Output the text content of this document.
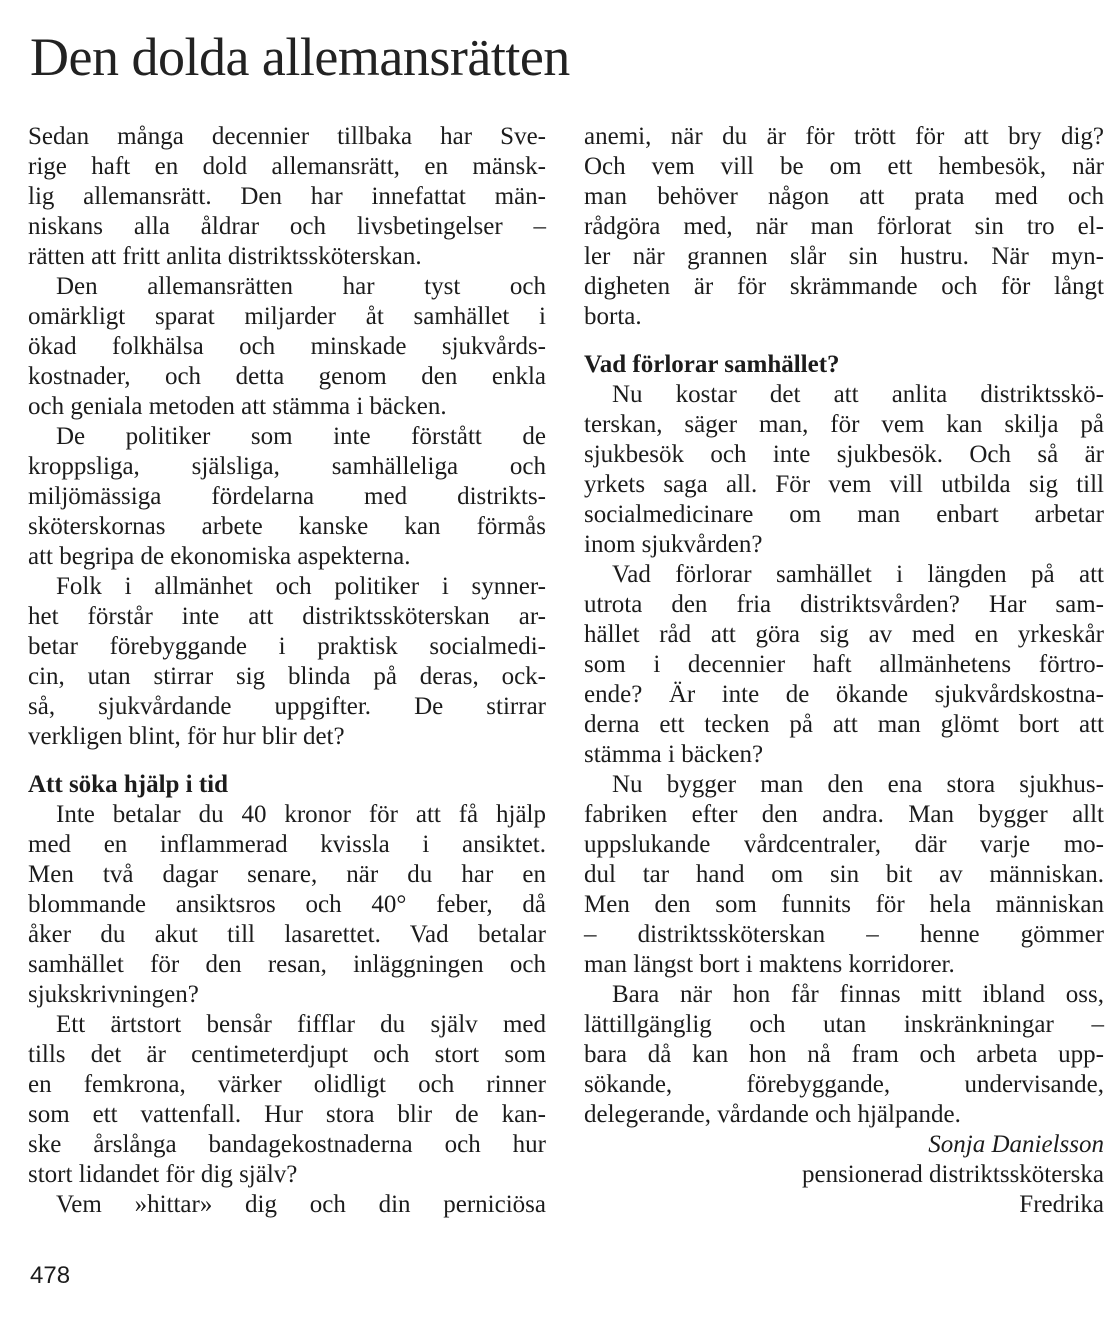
Den dolda allemansrätten
Sedan många decennier tillbaka har Sve-
rige haft en dold allemansrätt, en mänsk-
lig allemansrätt. Den har innefattat män-
niskans alla åldrar och livsbetingelser –
rätten att fritt anlita distriktssköterskan.
Den allemansrätten har tyst och
omärkligt sparat miljarder åt samhället i
ökad folkhälsa och minskade sjukvårds-
kostnader, och detta genom den enkla
och geniala metoden att stämma i bäcken.
De politiker som inte förstått de
kroppsliga, själsliga, samhälleliga och
miljömässiga fördelarna med distrikts-
sköterskornas arbete kanske kan förmås
att begripa de ekonomiska aspekterna.
Folk i allmänhet och politiker i synner-
het förstår inte att distriktssköterskan ar-
betar förebyggande i praktisk socialmedi-
cin, utan stirrar sig blinda på deras, ock-
så, sjukvårdande uppgifter. De stirrar
verkligen blint, för hur blir det?
Att söka hjälp i tid
Inte betalar du 40 kronor för att få hjälp
med en inflammerad kvissla i ansiktet.
Men två dagar senare, när du har en
blommande ansiktsros och 40° feber, då
åker du akut till lasarettet. Vad betalar
samhället för den resan, inläggningen och
sjukskrivningen?
Ett ärtstort bensår fifflar du själv med
tills det är centimeterdjupt och stort som
en femkrona, värker olidligt och rinner
som ett vattenfall. Hur stora blir de kan-
ske årslånga bandagekostnaderna och hur
stort lidandet för dig själv?
Vem »hittar» dig och din perniciösa
anemi, när du är för trött för att bry dig?
Och vem vill be om ett hembesök, när
man behöver någon att prata med och
rådgöra med, när man förlorat sin tro el-
ler när grannen slår sin hustru. När myn-
digheten är för skrämmande och för långt
borta.
Vad förlorar samhället?
Nu kostar det att anlita distriktsskö-
terskan, säger man, för vem kan skilja på
sjukbesök och inte sjukbesök. Och så är
yrkets saga all. För vem vill utbilda sig till
socialmedicinare om man enbart arbetar
inom sjukvården?
Vad förlorar samhället i längden på att
utrota den fria distriktsvården? Har sam-
hället råd att göra sig av med en yrkeskår
som i decennier haft allmänhetens förtro-
ende? Är inte de ökande sjukvårdskostna-
derna ett tecken på att man glömt bort att
stämma i bäcken?
Nu bygger man den ena stora sjukhus-
fabriken efter den andra. Man bygger allt
uppslukande vårdcentraler, där varje mo-
dul tar hand om sin bit av människan.
Men den som funnits för hela människan
– distriktssköterskan – henne gömmer
man längst bort i maktens korridorer.
Bara när hon får finnas mitt ibland oss,
lättillgänglig och utan inskränkningar –
bara då kan hon nå fram och arbeta upp-
sökande, förebyggande, undervisande,
delegerande, vårdande och hjälpande.
Sonja Danielsson
pensionerad distriktssköterska
Fredrika
478
